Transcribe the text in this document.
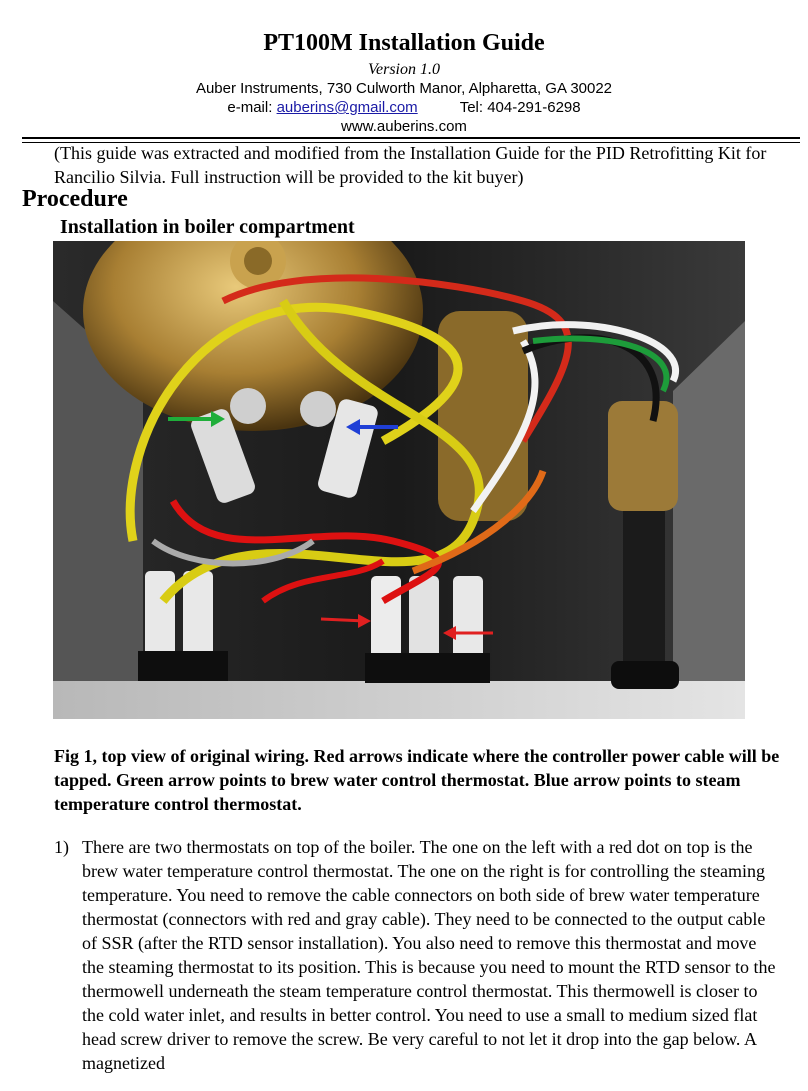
PT100M Installation Guide
Version 1.0
Auber Instruments, 730 Culworth Manor, Alpharetta, GA 30022
e-mail: auberins@gmail.com	Tel: 404-291-6298
www.auberins.com
(This guide was extracted and modified from the Installation Guide for the PID Retrofitting Kit for Rancilio Silvia. Full instruction will be provided to the kit buyer)
Procedure
Installation in boiler compartment
Fig 1, top view of original wiring. Red arrows indicate where the controller power cable will be tapped. Green arrow points to brew water control thermostat. Blue arrow points to steam temperature control thermostat.
1) There are two thermostats on top of the boiler. The one on the left with a red dot on top is the brew water temperature control thermostat. The one on the right is for controlling the steaming temperature. You need to remove the cable connectors on both side of brew water temperature thermostat (connectors with red and gray cable). They need to be connected to the output cable of SSR (after the RTD sensor installation). You also need to remove this thermostat and move the steaming thermostat to its position. This is because you need to mount the RTD sensor to the thermowell underneath the steam temperature control thermostat. This thermowell is closer to the cold water inlet, and results in better control. You need to use a small to medium sized flat head screw driver to remove the screw. Be very careful to not let it drop into the gap below. A magnetized
